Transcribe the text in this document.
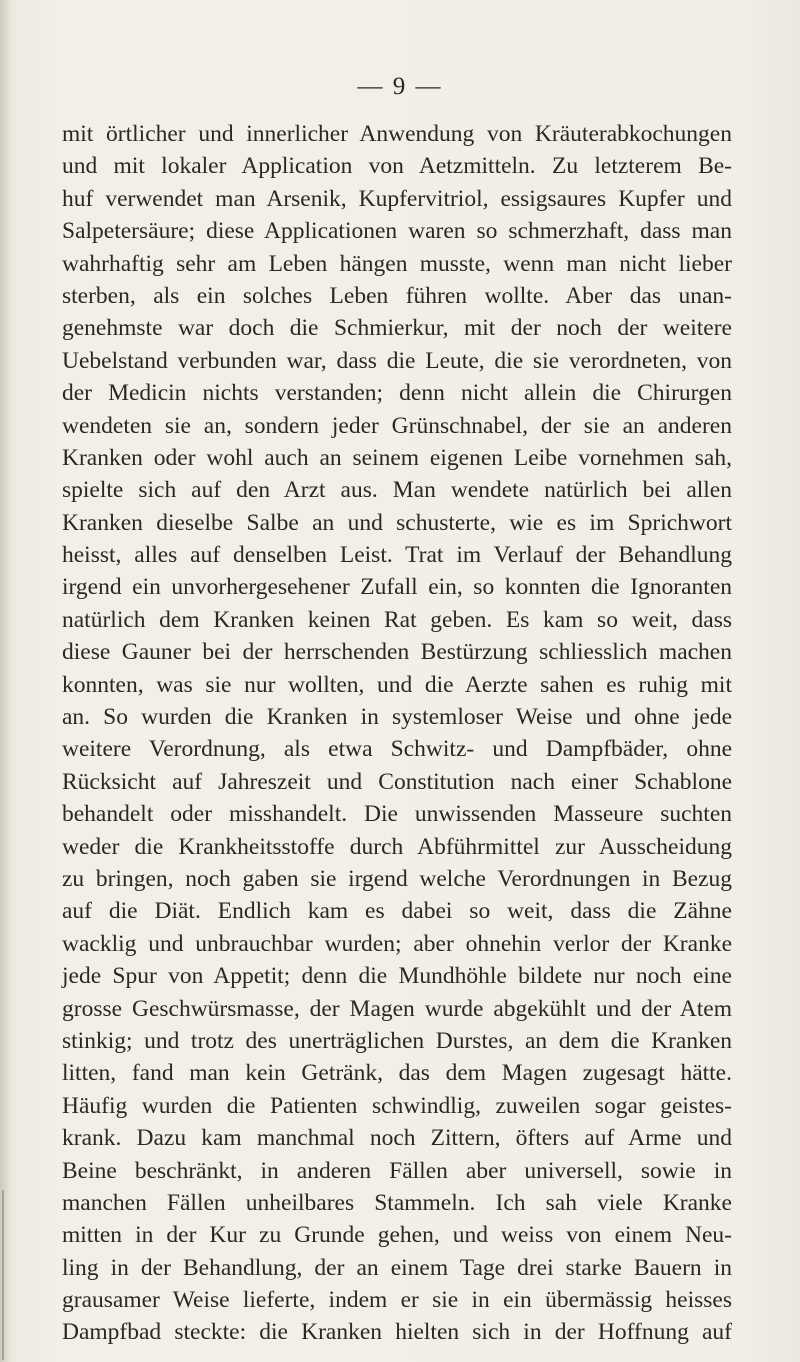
— 9 —
mit örtlicher und innerlicher Anwendung von Kräuterabkochungen
und mit lokaler Application von Aetzmitteln. Zu letzterem Be-
huf verwendet man Arsenik, Kupfervitriol, essigsaures Kupfer und
Salpetersäure; diese Applicationen waren so schmerzhaft, dass man
wahrhaftig sehr am Leben hängen musste, wenn man nicht lieber
sterben, als ein solches Leben führen wollte. Aber das unan-
genehmste war doch die Schmierkur, mit der noch der weitere
Uebelstand verbunden war, dass die Leute, die sie verordneten, von
der Medicin nichts verstanden; denn nicht allein die Chirurgen
wendeten sie an, sondern jeder Grünschnabel, der sie an anderen
Kranken oder wohl auch an seinem eigenen Leibe vornehmen sah,
spielte sich auf den Arzt aus. Man wendete natürlich bei allen
Kranken dieselbe Salbe an und schusterte, wie es im Sprichwort
heisst, alles auf denselben Leist. Trat im Verlauf der Behandlung
irgend ein unvorhergesehener Zufall ein, so konnten die Ignoranten
natürlich dem Kranken keinen Rat geben. Es kam so weit, dass
diese Gauner bei der herrschenden Bestürzung schliesslich machen
konnten, was sie nur wollten, und die Aerzte sahen es ruhig mit
an. So wurden die Kranken in systemloser Weise und ohne jede
weitere Verordnung, als etwa Schwitz- und Dampfbäder, ohne
Rücksicht auf Jahreszeit und Constitution nach einer Schablone
behandelt oder misshandelt. Die unwissenden Masseure suchten
weder die Krankheitsstoffe durch Abführmittel zur Ausscheidung
zu bringen, noch gaben sie irgend welche Verordnungen in Bezug
auf die Diät. Endlich kam es dabei so weit, dass die Zähne
wacklig und unbrauchbar wurden; aber ohnehin verlor der Kranke
jede Spur von Appetit; denn die Mundhöhle bildete nur noch eine
grosse Geschwürsmasse, der Magen wurde abgekühlt und der Atem
stinkig; und trotz des unerträglichen Durstes, an dem die Kranken
litten, fand man kein Getränk, das dem Magen zugesagt hätte.
Häufig wurden die Patienten schwindlig, zuweilen sogar geistes-
krank. Dazu kam manchmal noch Zittern, öfters auf Arme und
Beine beschränkt, in anderen Fällen aber universell, sowie in
manchen Fällen unheilbares Stammeln. Ich sah viele Kranke
mitten in der Kur zu Grunde gehen, und weiss von einem Neu-
ling in der Behandlung, der an einem Tage drei starke Bauern in
grausamer Weise lieferte, indem er sie in ein übermässig heisses
Dampfbad steckte: die Kranken hielten sich in der Hoffnung auf
